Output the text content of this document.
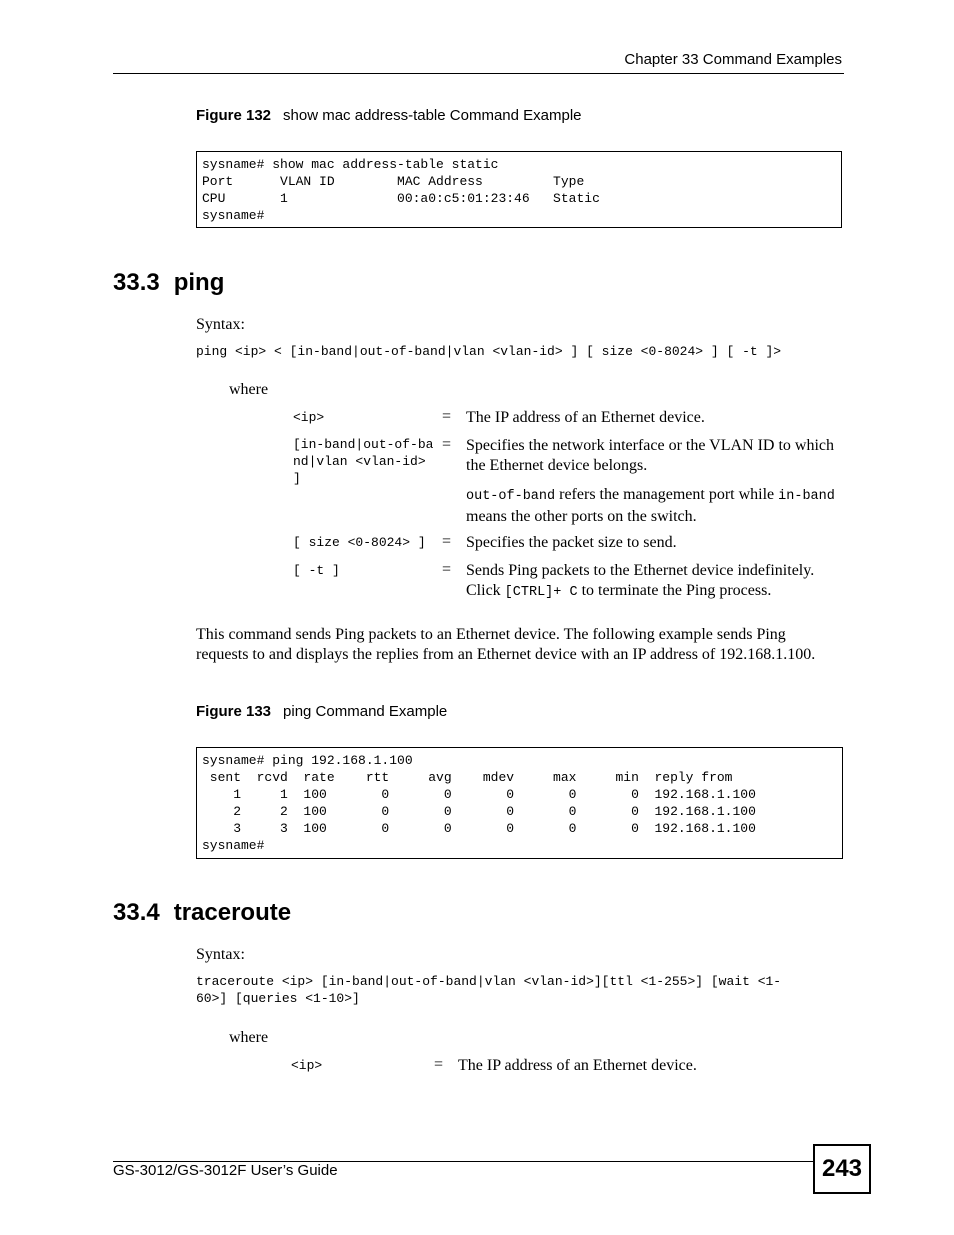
Chapter 33 Command Examples
Figure 132 show mac address-table Command Example
sysname# show mac address-table static
Port      VLAN ID        MAC Address         Type
CPU       1              00:a0:c5:01:23:46   Static
sysname#
33.3 ping
Syntax:
ping <ip> < [in-band|out-of-band|vlan <vlan-id> ] [ size <0-8024> ] [ -t ]>
where
<ip>	= The IP address of an Ethernet device.
[in-band|out-of-band|vlan <vlan-id> ]
= Specifies the network interface or the VLAN ID to which the Ethernet device belongs.
out-of-band refers the management port while in-band means the other ports on the switch.
[ size <0-8024> ]	= Specifies the packet size to send.
[ -t ]	= Sends Ping packets to the Ethernet device indefinitely. Click [CTRL]+ C to terminate the Ping process.
This command sends Ping packets to an Ethernet device. The following example sends Ping requests to and displays the replies from an Ethernet device with an IP address of 192.168.1.100.
Figure 133 ping Command Example
sysname# ping 192.168.1.100
sent  rcvd  rate    rtt     avg    mdev     max     min  reply from
1     1  100       0       0       0       0       0  192.168.1.100
2     2  100       0       0       0       0       0  192.168.1.100
3     3  100       0       0       0       0       0  192.168.1.100
sysname#
33.4 traceroute
Syntax:
traceroute <ip> [in-band|out-of-band|vlan <vlan-id>][ttl <1-255>] [wait <1-
60>] [queries <1-10>]
where
<ip>	= The IP address of an Ethernet device.
GS-3012/GS-3012F User’s Guide	243
